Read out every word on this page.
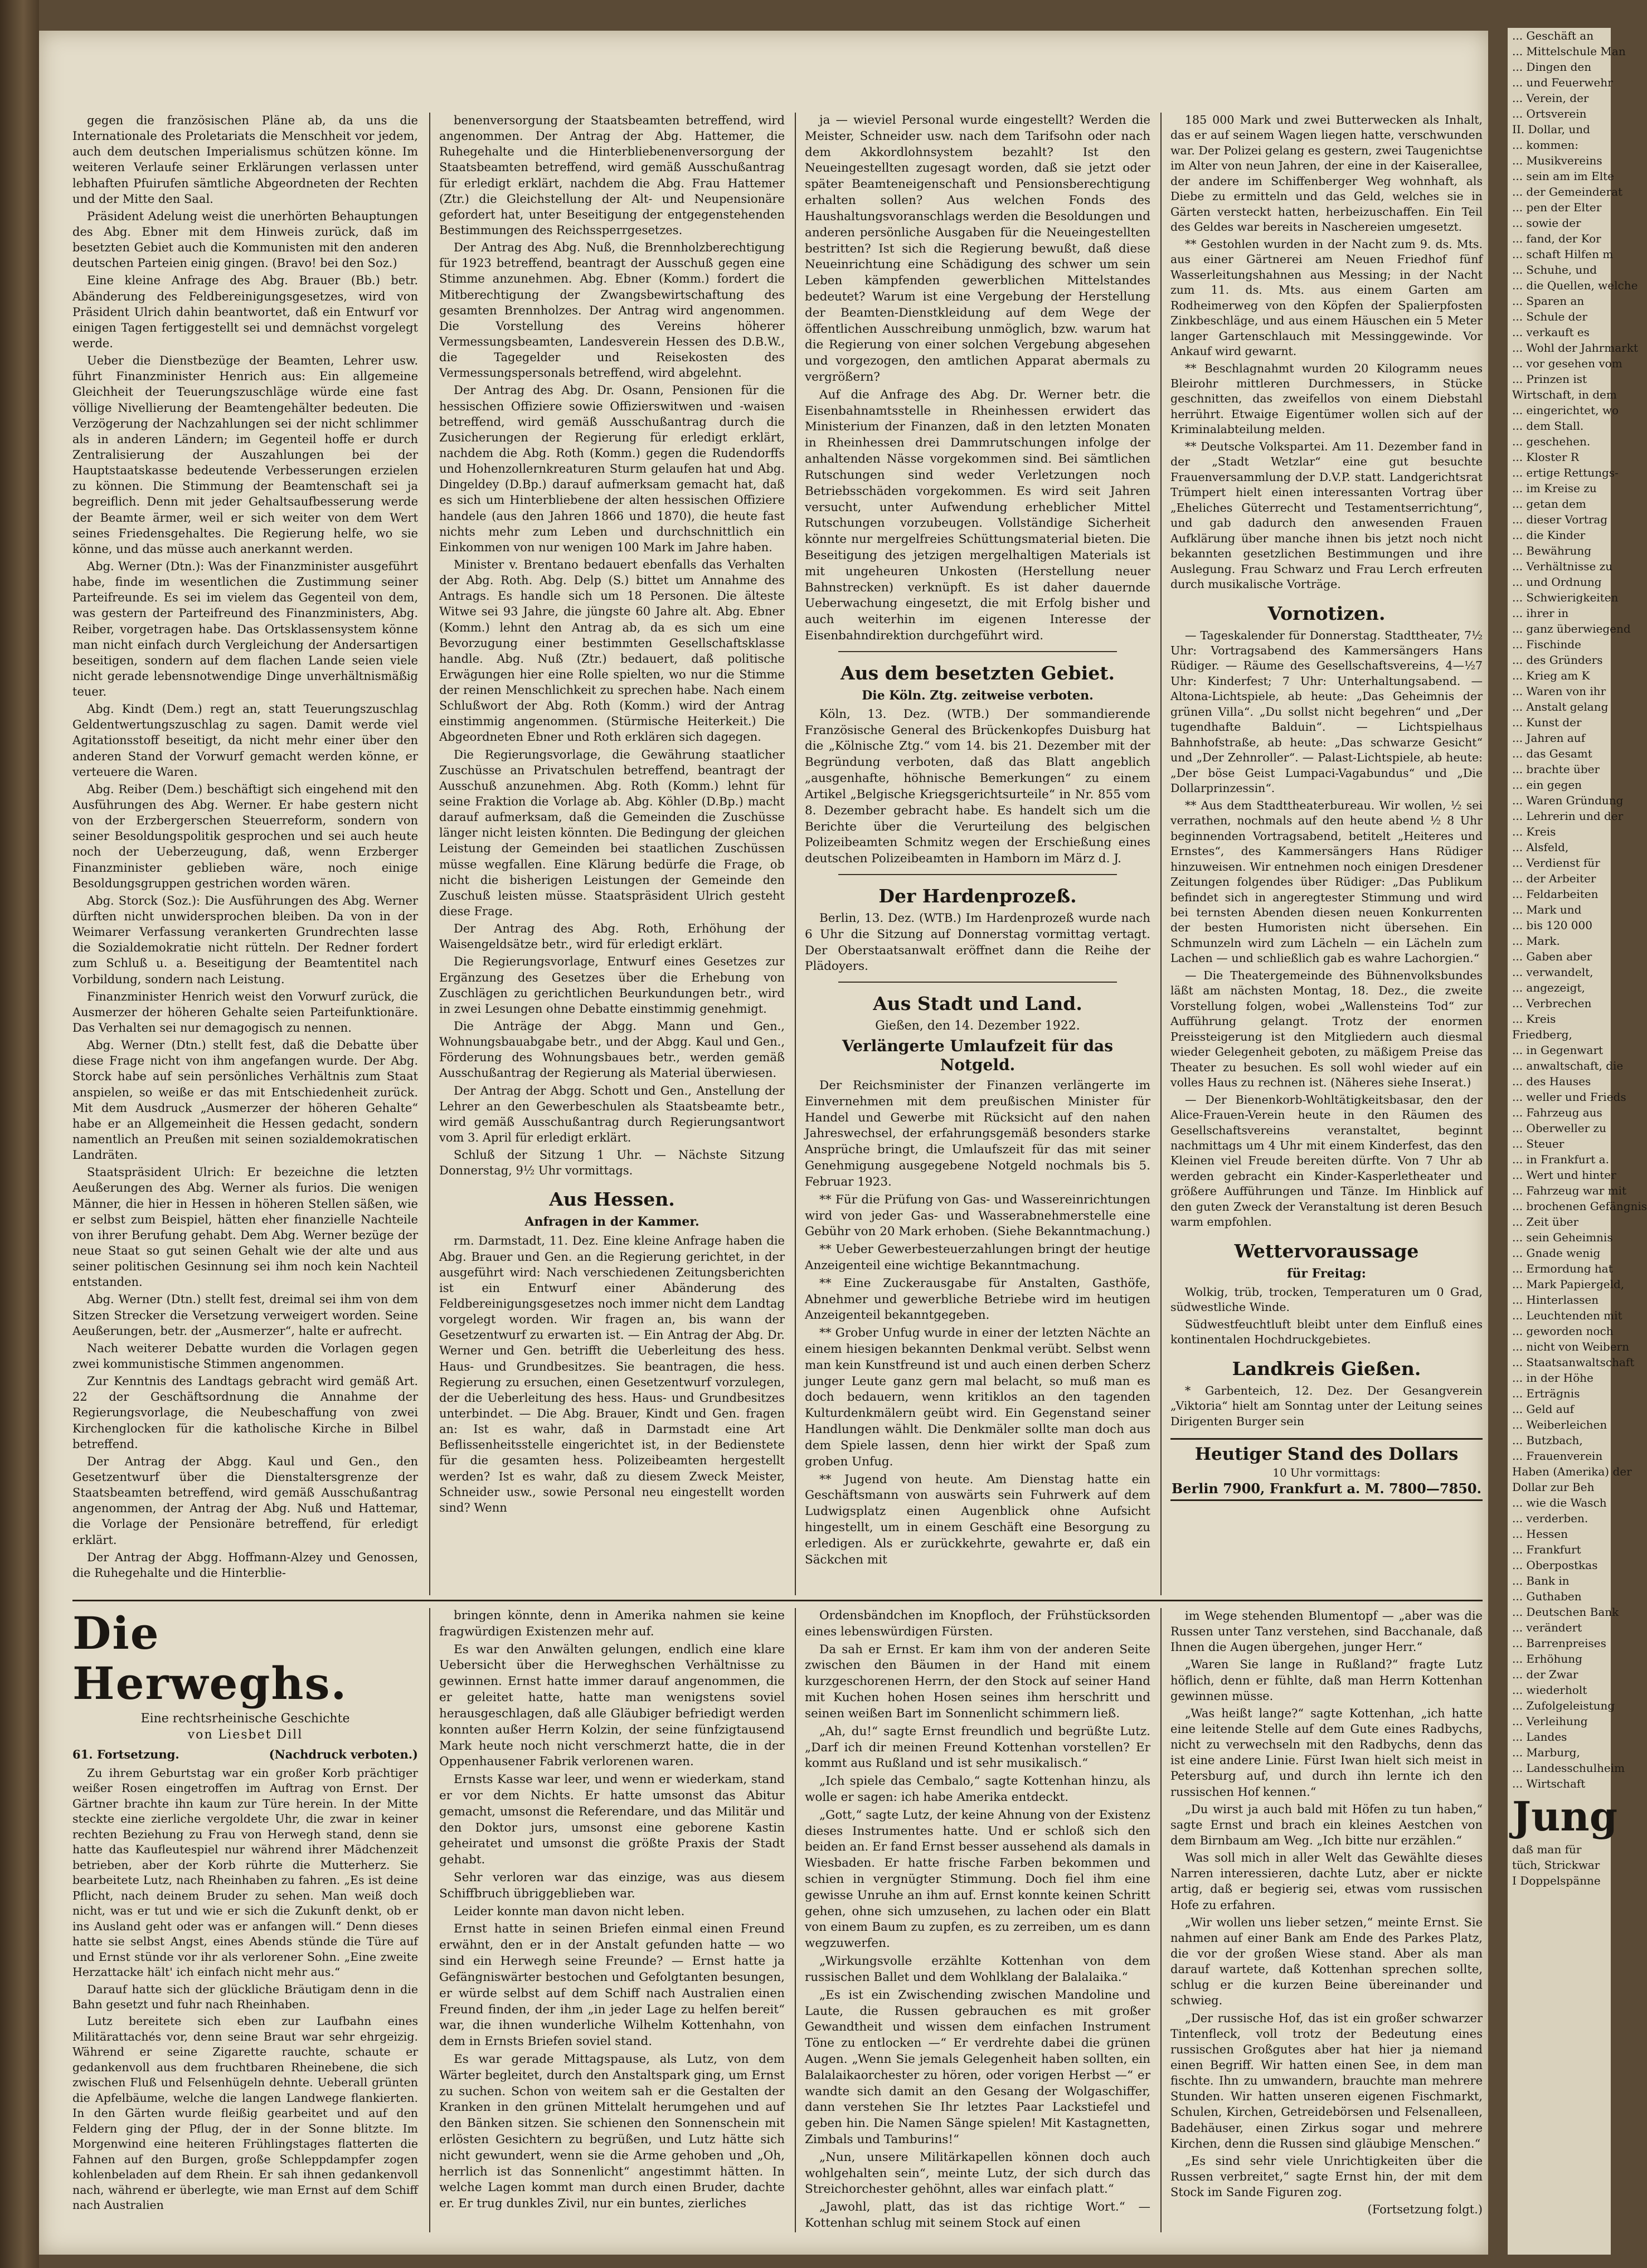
gegen die französischen Pläne ab, da uns die Internationale des Proletariats die Menschheit vor jedem, auch dem deutschen Imperialismus schützen könne. Im weiteren Verlaufe seiner Erklärungen verlassen unter lebhaften Pfuirufen sämtliche Abgeordneten der Rechten und der Mitte den Saal.

Präsident Adelung weist die unerhörten Behauptungen des Abg. Ebner mit dem Hinweis zurück, daß im besetzten Gebiet auch die Kommunisten mit den anderen deutschen Parteien einig gingen. (Bravo! bei den Soz.)

Eine kleine Anfrage des Abg. Brauer (Bb.) betr. Abänderung des Feldbereinigungsgesetzes, wird von Präsident Ulrich dahin beantwortet, daß ein Entwurf vor einigen Tagen fertiggestellt sei und demnächst vorgelegt werde.

Ueber die Dienstbezüge der Beamten, Lehrer usw. führt Finanzminister Henrich aus: Ein allgemeine Gleichheit der Teuerungszuschläge würde eine fast völlige Nivellierung der Beamtengehälter bedeuten. Die Verzögerung der Nachzahlungen sei der nicht schlimmer als in anderen Ländern; im Gegenteil hoffe er durch Zentralisierung der Auszahlungen bei der Hauptstaatskasse bedeutende Verbesserungen erzielen zu können. Die Stimmung der Beamtenschaft sei ja begreiflich. Denn mit jeder Gehaltsaufbesserung werde der Beamte ärmer, weil er sich weiter von dem Wert seines Friedensgehaltes. Die Regierung helfe, wo sie könne, und das müsse auch anerkannt werden.

Abg. Werner (Dtn.): Was der Finanzminister ausgeführt habe, finde im wesentlichen die Zustimmung seiner Parteifreunde. Es sei im vielem das Gegenteil von dem, was gestern der Parteifreund des Finanzministers, Abg. Reiber, vorgetragen habe. Das Ortsklassensystem könne man nicht einfach durch Vergleichung der Andersartigen beseitigen, sondern auf dem flachen Lande seien viele nicht gerade lebensnotwendige Dinge unverhältnismäßig teuer.

Abg. Kindt (Dem.) regt an, statt Teuerungszuschlag Geldentwertungszuschlag zu sagen. Damit werde viel Agitationsstoff beseitigt, da nicht mehr einer über den anderen Stand der Vorwurf gemacht werden könne, er verteuere die Waren.

Abg. Reiber (Dem.) beschäftigt sich eingehend mit den Ausführungen des Abg. Werner. Er habe gestern nicht von der Erzbergerschen Steuerreform, sondern von seiner Besoldungspolitik gesprochen und sei auch heute noch der Ueberzeugung, daß, wenn Erzberger Finanzminister geblieben wäre, noch einige Besoldungsgruppen gestrichen worden wären.

Abg. Storck (Soz.): Die Ausführungen des Abg. Werner dürften nicht unwidersprochen bleiben. Da von in der Weimarer Verfassung verankerten Grundrechten lasse die Sozialdemokratie nicht rütteln. Der Redner fordert zum Schluß u. a. Beseitigung der Beamtentitel nach Vorbildung, sondern nach Leistung.

Finanzminister Henrich weist den Vorwurf zurück, die Ausmerzer der höheren Gehalte seien Parteifunktionäre. Das Verhalten sei nur demagogisch zu nennen.

Abg. Werner (Dtn.) stellt fest, daß die Debatte über diese Frage nicht von ihm angefangen wurde. Der Abg. Storck habe auf sein persönliches Verhältnis zum Staat anspielen, so weiße er das mit Entschiedenheit zurück. Mit dem Ausdruck „Ausmerzer der höheren Gehalte“ habe er an Allgemeinheit die Hessen gedacht, sondern namentlich an Preußen mit seinen sozialdemokratischen Landräten.

Staatspräsident Ulrich: Er bezeichne die letzten Aeußerungen des Abg. Werner als furios. Die wenigen Männer, die hier in Hessen in höheren Stellen säßen, wie er selbst zum Beispiel, hätten eher finanzielle Nachteile von ihrer Berufung gehabt. Dem Abg. Werner bezüge der neue Staat so gut seinen Gehalt wie der alte und aus seiner politischen Gesinnung sei ihm noch kein Nachteil entstanden.

Abg. Werner (Dtn.) stellt fest, dreimal sei ihm von dem Sitzen Strecker die Versetzung verweigert worden. Seine Aeußerungen, betr. der „Ausmerzer“, halte er aufrecht.

Nach weiterer Debatte wurden die Vorlagen gegen zwei kommunistische Stimmen angenommen.

Zur Kenntnis des Landtags gebracht wird gemäß Art. 22 der Geschäftsordnung die Annahme der Regierungsvorlage, die Neubeschaffung von zwei Kirchenglocken für die katholische Kirche in Bilbel betreffend.

Der Antrag der Abgg. Kaul und Gen., den Gesetzentwurf über die Dienstaltersgrenze der Staatsbeamten betreffend, wird gemäß Ausschußantrag angenommen, der Antrag der Abg. Nuß und Hattemar, die Vorlage der Pensionäre betreffend, für erledigt erklärt.

Der Antrag der Abgg. Hoffmann-Alzey und Genossen, die Ruhegehalte und die Hinterblie-

benenversorgung der Staatsbeamten betreffend, wird angenommen. Der Antrag der Abg. Hattemer, die Ruhegehalte und die Hinterbliebenenversorgung der Staatsbeamten betreffend, wird gemäß Ausschußantrag für erledigt erklärt, nachdem die Abg. Frau Hattemer (Ztr.) die Gleichstellung der Alt- und Neupensionäre gefordert hat, unter Beseitigung der entgegenstehenden Bestimmungen des Reichssperrgesetzes.

Der Antrag des Abg. Nuß, die Brennholzberechtigung für 1923 betreffend, beantragt der Ausschuß gegen eine Stimme anzunehmen. Abg. Ebner (Komm.) fordert die Mitberechtigung der Zwangsbewirtschaftung des gesamten Brennholzes. Der Antrag wird angenommen. Die Vorstellung des Vereins höherer Vermessungsbeamten, Landesverein Hessen des D.B.W., die Tagegelder und Reisekosten des Vermessungspersonals betreffend, wird abgelehnt.

Der Antrag des Abg. Dr. Osann, Pensionen für die hessischen Offiziere sowie Offizierswitwen und -waisen betreffend, wird gemäß Ausschußantrag durch die Zusicherungen der Regierung für erledigt erklärt, nachdem die Abg. Roth (Komm.) gegen die Rudendorffs und Hohenzollernkreaturen Sturm gelaufen hat und Abg. Dingeldey (D.Bp.) darauf aufmerksam gemacht hat, daß es sich um Hinterbliebene der alten hessischen Offiziere handele (aus den Jahren 1866 und 1870), die heute fast nichts mehr zum Leben und durchschnittlich ein Einkommen von nur wenigen 100 Mark im Jahre haben.

Minister v. Brentano bedauert ebenfalls das Verhalten der Abg. Roth. Abg. Delp (S.) bittet um Annahme des Antrags. Es handle sich um 18 Personen. Die älteste Witwe sei 93 Jahre, die jüngste 60 Jahre alt. Abg. Ebner (Komm.) lehnt den Antrag ab, da es sich um eine Bevorzugung einer bestimmten Gesellschaftsklasse handle. Abg. Nuß (Ztr.) bedauert, daß politische Erwägungen hier eine Rolle spielten, wo nur die Stimme der reinen Menschlichkeit zu sprechen habe. Nach einem Schlußwort der Abg. Roth (Komm.) wird der Antrag einstimmig angenommen. (Stürmische Heiterkeit.) Die Abgeordneten Ebner und Roth erklären sich dagegen.

Die Regierungsvorlage, die Gewährung staatlicher Zuschüsse an Privatschulen betreffend, beantragt der Ausschuß anzunehmen. Abg. Roth (Komm.) lehnt für seine Fraktion die Vorlage ab. Abg. Köhler (D.Bp.) macht darauf aufmerksam, daß die Gemeinden die Zuschüsse länger nicht leisten könnten. Die Bedingung der gleichen Leistung der Gemeinden bei staatlichen Zuschüssen müsse wegfallen. Eine Klärung bedürfe die Frage, ob nicht die bisherigen Leistungen der Gemeinde den Zuschuß leisten müsse. Staatspräsident Ulrich gesteht diese Frage.

Der Antrag des Abg. Roth, Erhöhung der Waisengeldsätze betr., wird für erledigt erklärt.

Die Regierungsvorlage, Entwurf eines Gesetzes zur Ergänzung des Gesetzes über die Erhebung von Zuschlägen zu gerichtlichen Beurkundungen betr., wird in zwei Lesungen ohne Debatte einstimmig genehmigt.

Die Anträge der Abgg. Mann und Gen., Wohnungsbauabgabe betr., und der Abgg. Kaul und Gen., Förderung des Wohnungsbaues betr., werden gemäß Ausschußantrag der Regierung als Material überwiesen.

Der Antrag der Abgg. Schott und Gen., Anstellung der Lehrer an den Gewerbeschulen als Staatsbeamte betr., wird gemäß Ausschußantrag durch Regierungsantwort vom 3. April für erledigt erklärt.

Schluß der Sitzung 1 Uhr. — Nächste Sitzung Donnerstag, 9½ Uhr vormittags.

Aus Hessen.
Anfragen in der Kammer.

rm. Darmstadt, 11. Dez. Eine kleine Anfrage haben die Abg. Brauer und Gen. an die Regierung gerichtet, in der ausgeführt wird: Nach verschiedenen Zeitungsberichten ist ein Entwurf einer Abänderung des Feldbereinigungsgesetzes noch immer nicht dem Landtag vorgelegt worden. Wir fragen an, bis wann der Gesetzentwurf zu erwarten ist. — Ein Antrag der Abg. Dr. Werner und Gen. betrifft die Ueberleitung des hess. Haus- und Grundbesitzes. Sie beantragen, die hess. Regierung zu ersuchen, einen Gesetzentwurf vorzulegen, der die Ueberleitung des hess. Haus- und Grundbesitzes unterbindet. — Die Abg. Brauer, Kindt und Gen. fragen an: Ist es wahr, daß in Darmstadt eine Art Beflissenheitsstelle eingerichtet ist, in der Bedienstete für die gesamten hess. Polizeibeamten hergestellt werden? Ist es wahr, daß zu diesem Zweck Meister, Schneider usw., sowie Personal neu eingestellt worden sind? Wenn

ja — wieviel Personal wurde eingestellt? Werden die Meister, Schneider usw. nach dem Tarifsohn oder nach dem Akkordlohnsystem bezahlt? Ist den Neueingestellten zugesagt worden, daß sie jetzt oder später Beamteneigenschaft und Pensionsberechtigung erhalten sollen? Aus welchen Fonds des Haushaltungsvoranschlags werden die Besoldungen und anderen persönliche Ausgaben für die Neueingestellten bestritten? Ist sich die Regierung bewußt, daß diese Neueinrichtung eine Schädigung des schwer um sein Leben kämpfenden gewerblichen Mittelstandes bedeutet? Warum ist eine Vergebung der Herstellung der Beamten-Dienstkleidung auf dem Wege der öffentlichen Ausschreibung unmöglich, bzw. warum hat die Regierung von einer solchen Vergebung abgesehen und vorgezogen, den amtlichen Apparat abermals zu vergrößern?

Auf die Anfrage des Abg. Dr. Werner betr. die Eisenbahnamtsstelle in Rheinhessen erwidert das Ministerium der Finanzen, daß in den letzten Monaten in Rheinhessen drei Dammrutschungen infolge der anhaltenden Nässe vorgekommen sind. Bei sämtlichen Rutschungen sind weder Verletzungen noch Betriebsschäden vorgekommen. Es wird seit Jahren versucht, unter Aufwendung erheblicher Mittel Rutschungen vorzubeugen. Vollständige Sicherheit könnte nur mergelfreies Schüttungsmaterial bieten. Die Beseitigung des jetzigen mergelhaltigen Materials ist mit ungeheuren Unkosten (Herstellung neuer Bahnstrecken) verknüpft. Es ist daher dauernde Ueberwachung eingesetzt, die mit Erfolg bisher und auch weiterhin im eigenen Interesse der Eisenbahndirektion durchgeführt wird.

Aus dem besetzten Gebiet.
Die Köln. Ztg. zeitweise verboten.

Köln, 13. Dez. (WTB.) Der sommandierende Französische General des Brückenkopfes Duisburg hat die „Kölnische Ztg.“ vom 14. bis 21. Dezember mit der Begründung verboten, daß das Blatt angeblich „ausgenhafte, höhnische Bemerkungen“ zu einem Artikel „Belgische Kriegsgerichtsurteile“ in Nr. 855 vom 8. Dezember gebracht habe. Es handelt sich um die Berichte über die Verurteilung des belgischen Polizeibeamten Schmitz wegen der Erschießung eines deutschen Polizeibeamten in Hamborn im März d. J.

Der Hardenprozeß.

Berlin, 13. Dez. (WTB.) Im Hardenprozeß wurde nach 6 Uhr die Sitzung auf Donnerstag vormittag vertagt. Der Oberstaatsanwalt eröffnet dann die Reihe der Plädoyers.

Aus Stadt und Land.
Gießen, den 14. Dezember 1922.
Verlängerte Umlaufzeit für das Notgeld.

Der Reichsminister der Finanzen verlängerte im Einvernehmen mit dem preußischen Minister für Handel und Gewerbe mit Rücksicht auf den nahen Jahreswechsel, der erfahrungsgemäß besonders starke Ansprüche bringt, die Umlaufszeit für das mit seiner Genehmigung ausgegebene Notgeld nochmals bis 5. Februar 1923.

** Für die Prüfung von Gas- und Wassereinrichtungen wird von jeder Gas- und Wasserabnehmerstelle eine Gebühr von 20 Mark erhoben. (Siehe Bekanntmachung.)

** Ueber Gewerbesteuerzahlungen bringt der heutige Anzeigenteil eine wichtige Bekanntmachung.

** Eine Zuckerausgabe für Anstalten, Gasthöfe, Abnehmer und gewerbliche Betriebe wird im heutigen Anzeigenteil bekanntgegeben.

** Grober Unfug wurde in einer der letzten Nächte an einem hiesigen bekannten Denkmal verübt. Selbst wenn man kein Kunstfreund ist und auch einen derben Scherz junger Leute ganz gern mal belacht, so muß man es doch bedauern, wenn kritiklos an den tagenden Kulturdenkmälern geübt wird. Ein Gegenstand seiner Handlungen wählt. Die Denkmäler sollte man doch aus dem Spiele lassen, denn hier wirkt der Spaß zum groben Unfug.

** Jugend von heute. Am Dienstag hatte ein Geschäftsmann von auswärts sein Fuhrwerk auf dem Ludwigsplatz einen Augenblick ohne Aufsicht hingestellt, um in einem Geschäft eine Besorgung zu erledigen. Als er zurückkehrte, gewahrte er, daß ein Säckchen mit

185 000 Mark und zwei Butterwecken als Inhalt, das er auf seinem Wagen liegen hatte, verschwunden war. Der Polizei gelang es gestern, zwei Taugenichtse im Alter von neun Jahren, der eine in der Kaiserallee, der andere im Schiffenberger Weg wohnhaft, als Diebe zu ermitteln und das Geld, welches sie in Gärten versteckt hatten, herbeizuschaffen. Ein Teil des Geldes war bereits in Naschereien umgesetzt.

** Gestohlen wurden in der Nacht zum 9. ds. Mts. aus einer Gärtnerei am Neuen Friedhof fünf Wasserleitungshahnen aus Messing; in der Nacht zum 11. ds. Mts. aus einem Garten am Rodheimerweg von den Köpfen der Spalierpfosten Zinkbeschläge, und aus einem Häuschen ein 5 Meter langer Gartenschlauch mit Messinggewinde. Vor Ankauf wird gewarnt.

** Beschlagnahmt wurden 20 Kilogramm neues Bleirohr mittleren Durchmessers, in Stücke geschnitten, das zweifellos von einem Diebstahl herrührt. Etwaige Eigentümer wollen sich auf der Kriminalabteilung melden.

** Deutsche Volkspartei. Am 11. Dezember fand in der „Stadt Wetzlar“ eine gut besuchte Frauenversammlung der D.V.P. statt. Landgerichtsrat Trümpert hielt einen interessanten Vortrag über „Eheliches Güterrecht und Testamentserrichtung“, und gab dadurch den anwesenden Frauen Aufklärung über manche ihnen bis jetzt noch nicht bekannten gesetzlichen Bestimmungen und ihre Auslegung. Frau Schwarz und Frau Lerch erfreuten durch musikalische Vorträge.

Vornotizen.

— Tageskalender für Donnerstag. Stadttheater, 7½ Uhr: Vortragsabend des Kammersängers Hans Rüdiger. — Räume des Gesellschaftsvereins, 4—½7 Uhr: Kinderfest; 7 Uhr: Unterhaltungsabend. — Altona-Lichtspiele, ab heute: „Das Geheimnis der grünen Villa“. „Du sollst nicht begehren“ und „Der tugendhafte Balduin“. — Lichtspielhaus Bahnhofstraße, ab heute: „Das schwarze Gesicht“ und „Der Zehnroller“. — Palast-Lichtspiele, ab heute: „Der böse Geist Lumpaci-Vagabundus“ und „Die Dollarprinzessin“.

** Aus dem Stadttheaterbureau. Wir wollen, ½ sei verrathen, nochmals auf den heute abend ½ 8 Uhr beginnenden Vortragsabend, betitelt „Heiteres und Ernstes“, des Kammersängers Hans Rüdiger hinzuweisen. Wir entnehmen noch einigen Dresdener Zeitungen folgendes über Rüdiger: „Das Publikum befindet sich in angeregtester Stimmung und wird bei ternsten Abenden diesen neuen Konkurrenten der besten Humoristen nicht übersehen. Ein Schmunzeln wird zum Lächeln — ein Lächeln zum Lachen — und schließlich gab es wahre Lachorgien.“

— Die Theatergemeinde des Bühnenvolksbundes läßt am nächsten Montag, 18. Dez., die zweite Vorstellung folgen, wobei „Wallensteins Tod“ zur Aufführung gelangt. Trotz der enormen Preissteigerung ist den Mitgliedern auch diesmal wieder Gelegenheit geboten, zu mäßigem Preise das Theater zu besuchen. Es soll wohl wieder auf ein volles Haus zu rechnen ist. (Näheres siehe Inserat.)

— Der Bienenkorb-Wohltätigkeitsbasar, den der Alice-Frauen-Verein heute in den Räumen des Gesellschaftsvereins veranstaltet, beginnt nachmittags um 4 Uhr mit einem Kinderfest, das den Kleinen viel Freude bereiten dürfte. Von 7 Uhr ab werden gebracht ein Kinder-Kasperletheater und größere Aufführungen und Tänze. Im Hinblick auf den guten Zweck der Veranstaltung ist deren Besuch warm empfohlen.

Wettervoraussage
für Freitag:

Wolkig, trüb, trocken, Temperaturen um 0 Grad, südwestliche Winde.

Südwestfeuchtluft bleibt unter dem Einfluß eines kontinentalen Hochdruckgebietes.

Landkreis Gießen.

* Garbenteich, 12. Dez. Der Gesangverein „Viktoria“ hielt am Sonntag unter der Leitung seines Dirigenten Burger sein

Heutiger Stand des Dollars
10 Uhr vormittags:
Berlin 7900, Frankfurt a. M. 7800—7850.
Die Herweghs.
Eine rechtsrheinische Geschichte
von Liesbet Dill
61. Fortsetzung.	(Nachdruck verboten.)

Zu ihrem Geburtstag war ein großer Korb prächtiger weißer Rosen eingetroffen im Auftrag von Ernst. Der Gärtner brachte ihn kaum zur Türe herein. In der Mitte steckte eine zierliche vergoldete Uhr, die zwar in keiner rechten Beziehung zu Frau von Herwegh stand, denn sie hatte das Kaufleutespiel nur während ihrer Mädchenzeit betrieben, aber der Korb rührte die Mutterherz. Sie bearbeitete Lutz, nach Rheinhaben zu fahren. „Es ist deine Pflicht, nach deinem Bruder zu sehen. Man weiß doch nicht, was er tut und wie er sich die Zukunft denkt, ob er ins Ausland geht oder was er anfangen will.“ Denn dieses hatte sie selbst Angst, eines Abends stünde die Türe auf und Ernst stünde vor ihr als verlorener Sohn. „Eine zweite Herzattacke hält' ich einfach nicht mehr aus.“

Darauf hatte sich der glückliche Bräutigam denn in die Bahn gesetzt und fuhr nach Rheinhaben.

Lutz bereitete sich eben zur Laufbahn eines Militärattachés vor, denn seine Braut war sehr ehrgeizig. Während er seine Zigarette rauchte, schaute er gedankenvoll aus dem fruchtbaren Rheinebene, die sich zwischen Fluß und Felsenhügeln dehnte. Ueberall grünten die Apfelbäume, welche die langen Landwege flankierten. In den Gärten wurde fleißig gearbeitet und auf den Feldern ging der Pflug, der in der Sonne blitzte. Im Morgenwind eine heiteren Frühlingstages flatterten die Fahnen auf den Burgen, große Schleppdampfer zogen kohlenbeladen auf dem Rhein. Er sah ihnen gedankenvoll nach, während er überlegte, wie man Ernst auf dem Schiff nach Australien

bringen könnte, denn in Amerika nahmen sie keine fragwürdigen Existenzen mehr auf.

Es war den Anwälten gelungen, endlich eine klare Uebersicht über die Herweghschen Verhältnisse zu gewinnen. Ernst hatte immer darauf angenommen, die er geleitet hatte, hatte man wenigstens soviel herausgeschlagen, daß alle Gläubiger befriedigt werden konnten außer Herrn Kolzin, der seine fünfzigtausend Mark heute noch nicht verschmerzt hatte, die in der Oppenhausener Fabrik verlorenen waren.

Ernsts Kasse war leer, und wenn er wiederkam, stand er vor dem Nichts. Er hatte umsonst das Abitur gemacht, umsonst die Referendare, und das Militär und den Doktor jurs, umsonst eine geborene Kastin geheiratet und umsonst die größte Praxis der Stadt gehabt.

Sehr verloren war das einzige, was aus diesem Schiffbruch übriggeblieben war.

Leider konnte man davon nicht leben.

Ernst hatte in seinen Briefen einmal einen Freund erwähnt, den er in der Anstalt gefunden hatte — wo sind ein Herwegh seine Freunde? — Ernst hatte ja Gefängniswärter bestochen und Gefolgtanten besungen, er würde selbst auf dem Schiff nach Australien einen Freund finden, der ihm „in jeder Lage zu helfen bereit“ war, die ihnen wunderliche Wilhelm Kottenhahn, von dem in Ernsts Briefen soviel stand.

Es war gerade Mittagspause, als Lutz, von dem Wärter begleitet, durch den Anstaltspark ging, um Ernst zu suchen. Schon von weitem sah er die Gestalten der Kranken in den grünen Mittelalt herumgehen und auf den Bänken sitzen. Sie schienen den Sonnenschein mit erlösten Gesichtern zu begrüßen, und Lutz hätte sich nicht gewundert, wenn sie die Arme gehoben und „Oh, herrlich ist das Sonnenlicht“ angestimmt hätten. In welche Lagen kommt man durch einen Bruder, dachte er. Er trug dunkles Zivil, nur ein buntes, zierliches

Ordensbändchen im Knopfloch, der Frühstücksorden eines lebenswürdigen Fürsten.

Da sah er Ernst. Er kam ihm von der anderen Seite zwischen den Bäumen in der Hand mit einem kurzgeschorenen Herrn, der den Stock auf seiner Hand mit Kuchen hohen Hosen seines ihm herschritt und seinen weißen Bart im Sonnenlicht schimmern ließ.

„Ah, du!“ sagte Ernst freundlich und begrüßte Lutz. „Darf ich dir meinen Freund Kottenhan vorstellen? Er kommt aus Rußland und ist sehr musikalisch.“

„Ich spiele das Cembalo,“ sagte Kottenhan hinzu, als wolle er sagen: ich habe Amerika entdeckt.

„Gott,“ sagte Lutz, der keine Ahnung von der Existenz dieses Instrumentes hatte. Und er schloß sich den beiden an. Er fand Ernst besser aussehend als damals in Wiesbaden. Er hatte frische Farben bekommen und schien in vergnügter Stimmung. Doch fiel ihm eine gewisse Unruhe an ihm auf. Ernst konnte keinen Schritt gehen, ohne sich umzusehen, zu lachen oder ein Blatt von einem Baum zu zupfen, es zu zerreiben, um es dann wegzuwerfen.

„Wirkungsvolle erzählte Kottenhan von dem russischen Ballet und dem Wohlklang der Balalaika.“

„Es ist ein Zwischending zwischen Mandoline und Laute, die Russen gebrauchen es mit großer Gewandtheit und wissen dem einfachen Instrument Töne zu entlocken —“ Er verdrehte dabei die grünen Augen. „Wenn Sie jemals Gelegenheit haben sollten, ein Balalaikaorchester zu hören, oder vorigen Herbst —“ er wandte sich damit an den Gesang der Wolgaschiffer, dann verstehen Sie Ihr letztes Paar Lackstiefel und geben hin. Die Namen Sänge spielen! Mit Kastagnetten, Zimbals und Tamburins!“

„Nun, unsere Militärkapellen können doch auch wohlgehalten sein“, meinte Lutz, der sich durch das Streichorchester gehöhnt, alles war einfach platt.“

„Jawohl, platt, das ist das richtige Wort.“ — Kottenhan schlug mit seinem Stock auf einen

im Wege stehenden Blumentopf — „aber was die Russen unter Tanz verstehen, sind Bacchanale, daß Ihnen die Augen übergehen, junger Herr.“

„Waren Sie lange in Rußland?“ fragte Lutz höflich, denn er fühlte, daß man Herrn Kottenhan gewinnen müsse.

„Was heißt lange?“ sagte Kottenhan, „ich hatte eine leitende Stelle auf dem Gute eines Radbychs, nicht zu verwechseln mit den Radbychs, denn das ist eine andere Linie. Fürst Iwan hielt sich meist in Petersburg auf, und durch ihn lernte ich den russischen Hof kennen.“

„Du wirst ja auch bald mit Höfen zu tun haben,“ sagte Ernst und brach ein kleines Aestchen von dem Birnbaum am Weg. „Ich bitte nur erzählen.“

Was soll mich in aller Welt das Gewählte dieses Narren interessieren, dachte Lutz, aber er nickte artig, daß er begierig sei, etwas vom russischen Hofe zu erfahren.

„Wir wollen uns lieber setzen,“ meinte Ernst. Sie nahmen auf einer Bank am Ende des Parkes Platz, die vor der großen Wiese stand. Aber als man darauf wartete, daß Kottenhan sprechen sollte, schlug er die kurzen Beine übereinander und schwieg.

„Der russische Hof, das ist ein großer schwarzer Tintenfleck, voll trotz der Bedeutung eines russischen Großgutes aber hat hier ja niemand einen Begriff. Wir hatten einen See, in dem man fischte. Ihn zu umwandern, brauchte man mehrere Stunden. Wir hatten unseren eigenen Fischmarkt, Schulen, Kirchen, Getreidebörsen und Felsenalleen, Badehäuser, einen Zirkus sogar und mehrere Kirchen, denn die Russen sind gläubige Menschen.“

„Es sind sehr viele Unrichtigkeiten über die Russen verbreitet,“ sagte Ernst hin, der mit dem Stock im Sande Figuren zog.

(Fortsetzung folgt.)
... Geschäft an
... Mittelschule Man
... Dingen den
... und Feuerwehr
... Verein, der
... Ortsverein
II. Dollar, und
... kommen:
... Musikvereins
... sein am im Elte
... der Gemeinderat
... pen der Elter
... sowie der
... fand, der Kor
... schaft Hilfen m
... Schuhe, und
... die Quellen, welche
... Sparen an
... Schule der
... verkauft es
... Wohl der Jahrmarkt
... vor gesehen vom
... Prinzen ist
Wirtschaft, in dem
... eingerichtet, wo
... dem Stall.
... geschehen.
... Kloster R
... ertige Rettungs-
... im Kreise zu
... getan dem
... dieser Vortrag
... die Kinder
... Bewährung
... Verhältnisse zu
... und Ordnung
... Schwierigkeiten
... ihrer in
... ganz überwiegend
... Fischinde
... des Gründers
... Krieg am K
... Waren von ihr
... Anstalt gelang
... Kunst der
... Jahren auf
... das Gesamt
... brachte über
... ein gegen
... Waren Gründung
... Lehrerin und der
... Kreis
... Alsfeld,
... Verdienst für
... der Arbeiter
... Feldarbeiten
... Mark und
... bis 120 000
... Mark.
... Gaben aber
... verwandelt,
... angezeigt,
... Verbrechen
... Kreis
Friedberg,
... in Gegenwart
... anwaltschaft, die
... des Hauses
... weller und Frieds
... Fahrzeug aus
... Oberweller zu
... Steuer
... in Frankfurt a.
... Wert und hinter
... Fahrzeug war mit
... brochenen Gefängnis
... Zeit über
... sein Geheimnis
... Gnade wenig
... Ermordung hat
... Mark Papiergeld,
... Hinterlassen
... Leuchtenden mit
... geworden noch
... nicht von Weibern
... Staatsanwaltschaft
... in der Höhe
... Erträgnis
... Geld auf
... Weiberleichen
... Butzbach,
... Frauenverein
Haben (Amerika) der
Dollar zur Beh
... wie die Wasch
... verderben.
... Hessen
... Frankfurt
... Oberpostkas
... Bank in
... Guthaben
... Deutschen Bank
... verändert
... Barrenpreises
... Erhöhung
... der Zwar
... wiederholt
... Zufolgeleistung
... Verleihung
... Landes
... Marburg,
... Landesschulheim
... Wirtschaft
Jung
daß man für
tüch, Strickwar
I Doppelspänne
